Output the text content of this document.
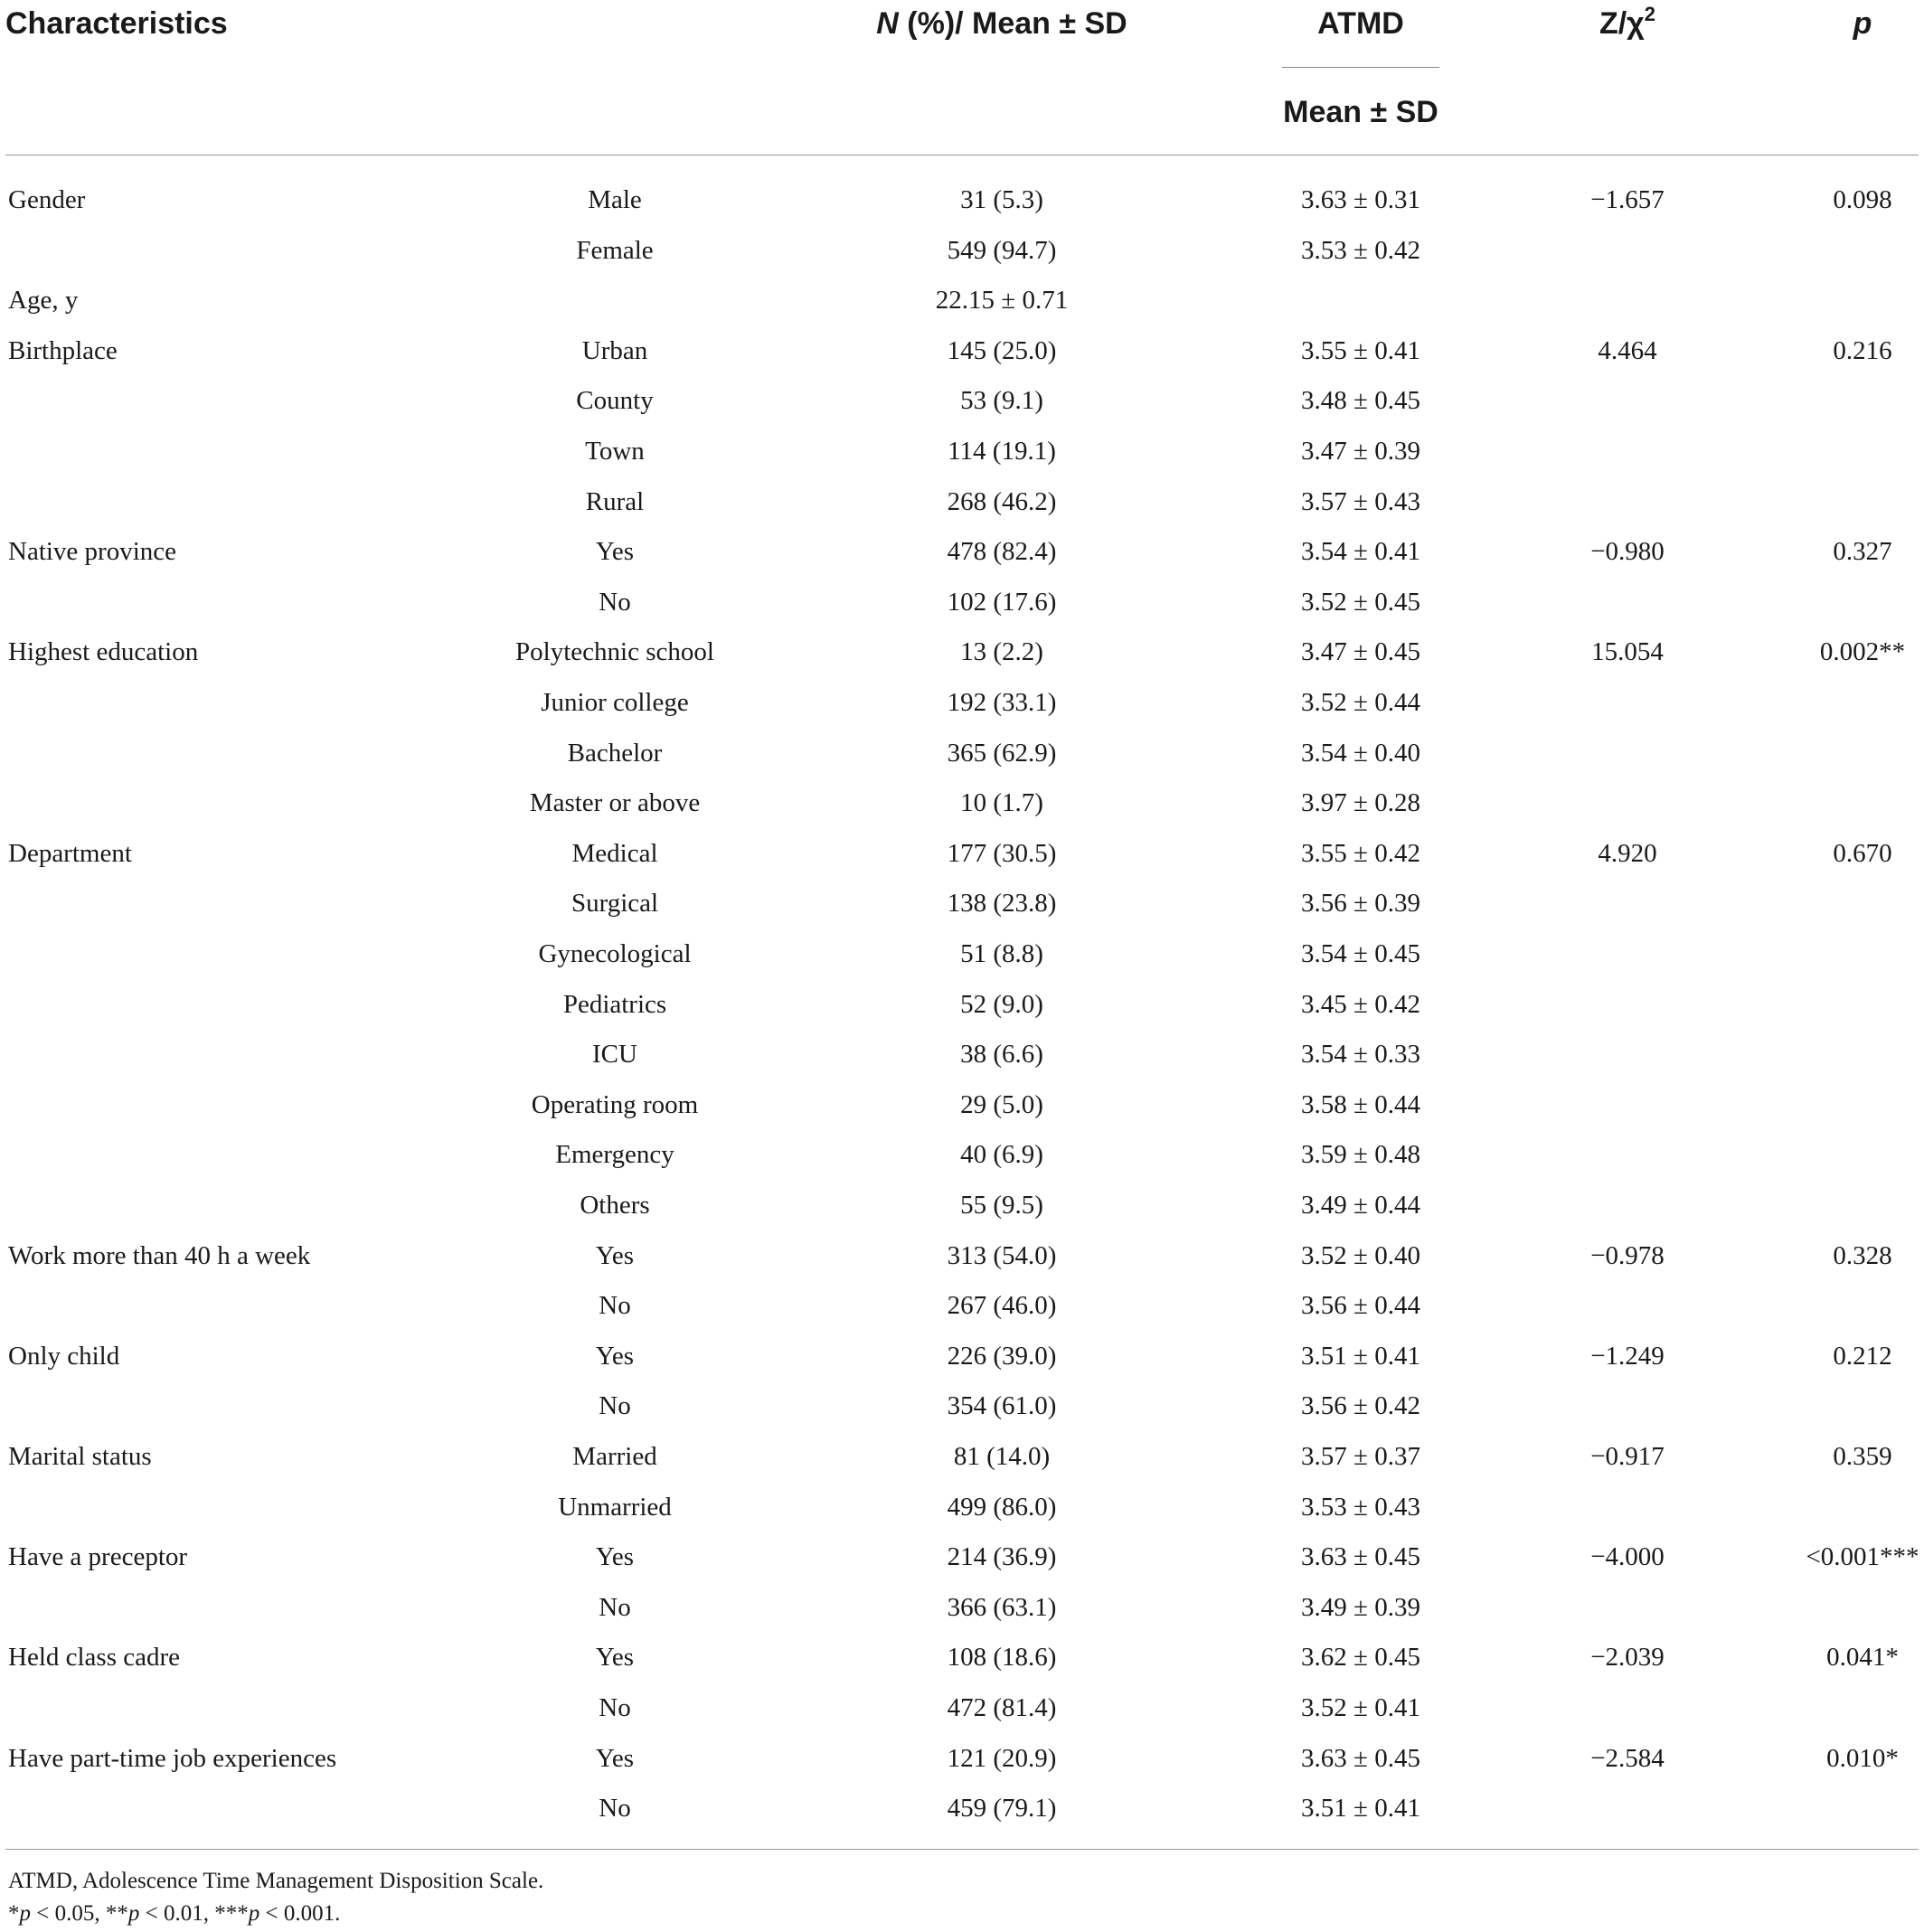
Characteristics	N (%)/ Mean ± SD	ATMD
Mean ± SD
$Z/\chi^2$	p
Gender	Male	31 (5.3)	3.63 ± 0.31	−1.657	0.098
Female	549 (94.7)	3.53 ± 0.42
Age, y	22.15 ± 0.71
Birthplace	Urban	145 (25.0)	3.55 ± 0.41	4.464	0.216
County	53 (9.1)	3.48 ± 0.45
Town	114 (19.1)	3.47 ± 0.39
Rural	268 (46.2)	3.57 ± 0.43
Native province	Yes	478 (82.4)	3.54 ± 0.41	−0.980	0.327
No	102 (17.6)	3.52 ± 0.45
Highest education	Polytechnic school	13 (2.2)	3.47 ± 0.45	15.054	0.002**
Junior college	192 (33.1)	3.52 ± 0.44
Bachelor	365 (62.9)	3.54 ± 0.40
Master or above	10 (1.7)	3.97 ± 0.28
Department	Medical	177 (30.5)	3.55 ± 0.42	4.920	0.670
Surgical	138 (23.8)	3.56 ± 0.39
Gynecological	51 (8.8)	3.54 ± 0.45
Pediatrics	52 (9.0)	3.45 ± 0.42
ICU	38 (6.6)	3.54 ± 0.33
Operating room	29 (5.0)	3.58 ± 0.44
Emergency	40 (6.9)	3.59 ± 0.48
Others	55 (9.5)	3.49 ± 0.44
Work more than 40 h a week	Yes	313 (54.0)	3.52 ± 0.40	−0.978	0.328
No	267 (46.0)	3.56 ± 0.44
Only child	Yes	226 (39.0)	3.51 ± 0.41	−1.249	0.212
No	354 (61.0)	3.56 ± 0.42
Marital status	Married	81 (14.0)	3.57 ± 0.37	−0.917	0.359
Unmarried	499 (86.0)	3.53 ± 0.43
Have a preceptor	Yes	214 (36.9)	3.63 ± 0.45	−4.000	<0.001***
No	366 (63.1)	3.49 ± 0.39
Held class cadre	Yes	108 (18.6)	3.62 ± 0.45	−2.039	0.041*
No	472 (81.4)	3.52 ± 0.41
Have part-time job experiences	Yes	121 (20.9)	3.63 ± 0.45	−2.584	0.010*
No	459 (79.1)	3.51 ± 0.41
ATMD, Adolescence Time Management Disposition Scale.
*p < 0.05, **p < 0.01, ***p < 0.001.
